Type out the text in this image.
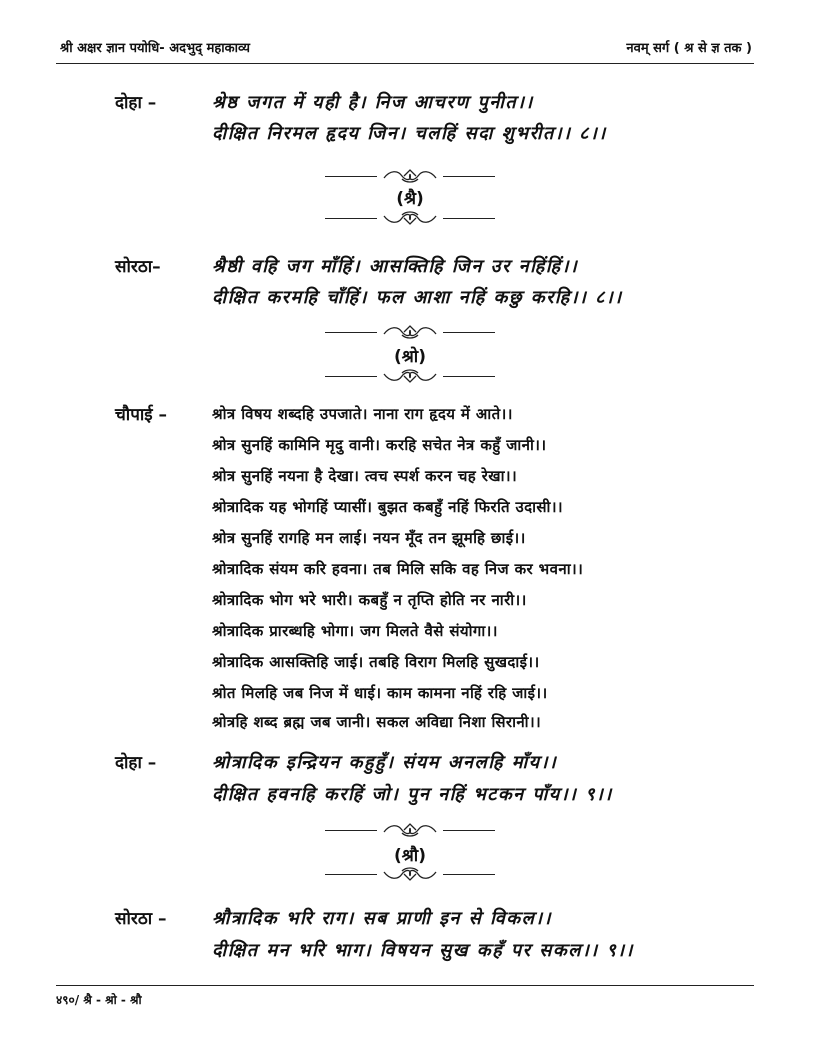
श्री अक्षर ज्ञान पयोधि- अदभुद् महाकाव्य	नवम् सर्ग ( श्र से ज्ञ तक )
दोहा –	श्रेष्ठ जगत में यही है। निज आचरण पुनीत।।
दीक्षित निरमल हृदय जिन। चलहिं सदा शुभरीत।। ८।।
(श्रै)
सोरठा–	श्रैष्ठी वहि जग माँहिं। आसक्तिहि जिन उर नहिंहिं।।
दीक्षित करमहि चाँहिं। फल आशा नहिं कछु करहि।। ८।।
(श्रो)
चौपाई –	श्रोत्र विषय शब्दहि उपजाते। नाना राग हृदय में आते।।
श्रोत्र सुनहिं कामिनि मृदु वानी। करहि सचेत नेत्र कहुँ जानी।।
श्रोत्र सुनहिं नयना है देखा। त्वच स्पर्श करन चह रेखा।।
श्रोत्रादिक यह भोगहिं प्यासीं। बुझत कबहुँ नहिं फिरति उदासी।।
श्रोत्र सुनहिं रागहि मन लाई। नयन मूँद तन झूमहि छाई।।
श्रोत्रादिक संयम करि हवना। तब मिलि सकि वह निज कर भवना।।
श्रोत्रादिक भोग भरे भारी। कबहुँ न तृप्ति होति नर नारी।।
श्रोत्रादिक प्रारब्धहि भोगा। जग मिलते वैसे संयोगा।।
श्रोत्रादिक आसक्तिहि जाई। तबहि विराग मिलहि सुखदाई।।
श्रोत मिलहि जब निज में धाई। काम कामना नहिं रहि जाई।।
श्रोत्रहि शब्द ब्रह्म जब जानी। सकल अविद्या निशा सिरानी।।
दोहा –	श्रोत्रादिक इन्द्रियन कहुहुँ। संयम अनलहि माँय।।
दीक्षित हवनहि करहिं जो। पुन नहिं भटकन पाँय।। ९।।
(श्रौ)
सोरठा –	श्रौत्रादिक भरि राग। सब प्राणी इन से विकल।।
दीक्षित मन भरि भाग। विषयन सुख कहँ पर सकल।। ९।।
४९०/ श्रै - श्रो - श्रौ
